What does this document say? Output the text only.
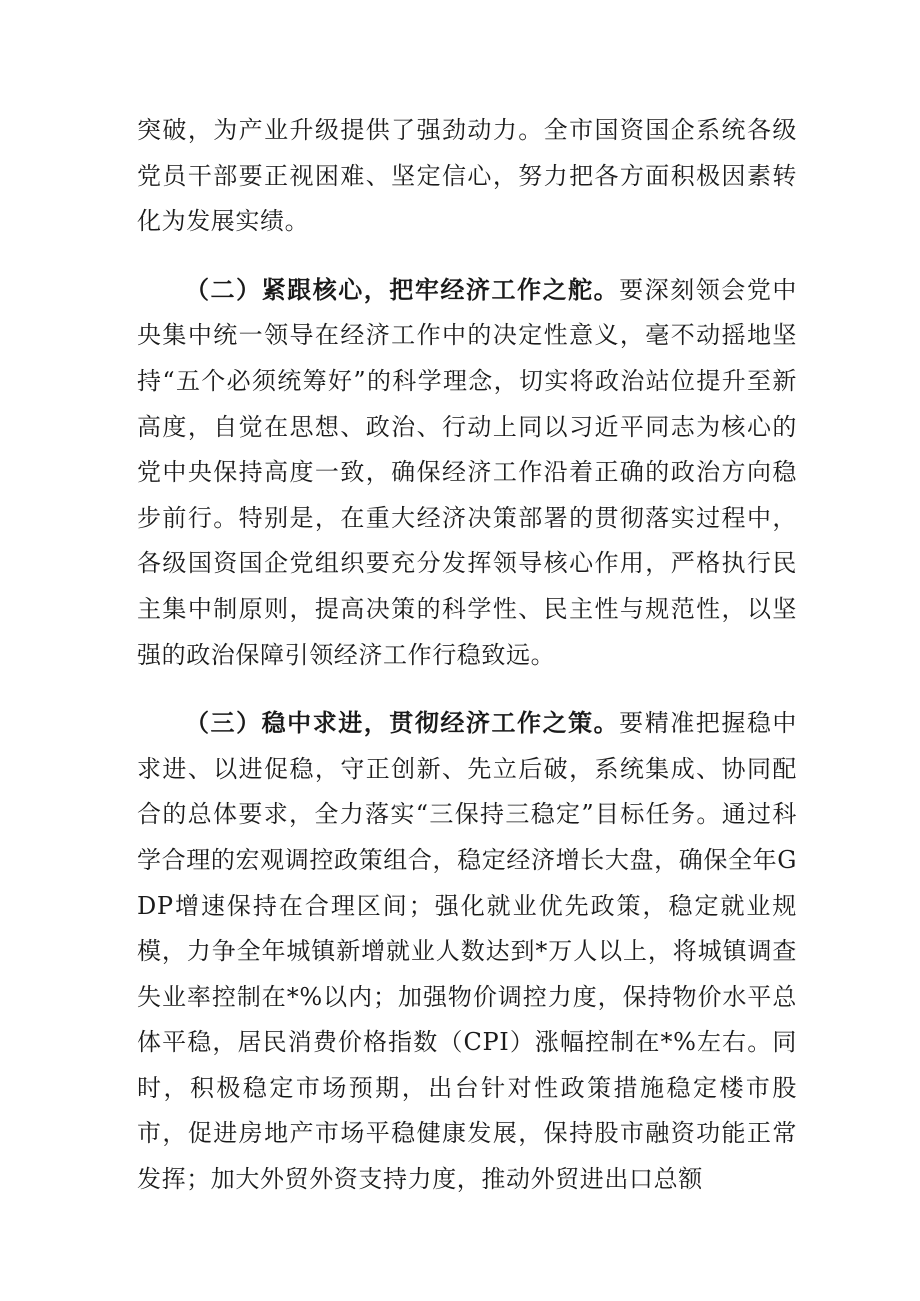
突破，为产业升级提供了强劲动力。全市国资国企系统各级党员干部要正视困难、坚定信心，努力把各方面积极因素转化为发展实绩。

（二）紧跟核心，把牢经济工作之舵。要深刻领会党中央集中统一领导在经济工作中的决定性意义，毫不动摇地坚持“五个必须统筹好”的科学理念，切实将政治站位提升至新高度，自觉在思想、政治、行动上同以习近平同志为核心的党中央保持高度一致，确保经济工作沿着正确的政治方向稳步前行。特别是，在重大经济决策部署的贯彻落实过程中，各级国资国企党组织要充分发挥领导核心作用，严格执行民主集中制原则，提高决策的科学性、民主性与规范性，以坚强的政治保障引领经济工作行稳致远。

（三）稳中求进，贯彻经济工作之策。要精准把握稳中求进、以进促稳，守正创新、先立后破，系统集成、协同配合的总体要求，全力落实“三保持三稳定”目标任务。通过科学合理的宏观调控政策组合，稳定经济增长大盘，确保全年GDP增速保持在合理区间；强化就业优先政策，稳定就业规模，力争全年城镇新增就业人数达到*万人以上，将城镇调查失业率控制在*%以内；加强物价调控力度，保持物价水平总体平稳，居民消费价格指数（CPI）涨幅控制在*%左右。同时，积极稳定市场预期，出台针对性政策措施稳定楼市股市，促进房地产市场平稳健康发展，保持股市融资功能正常发挥；加大外贸外资支持力度，推动外贸进出口总额
